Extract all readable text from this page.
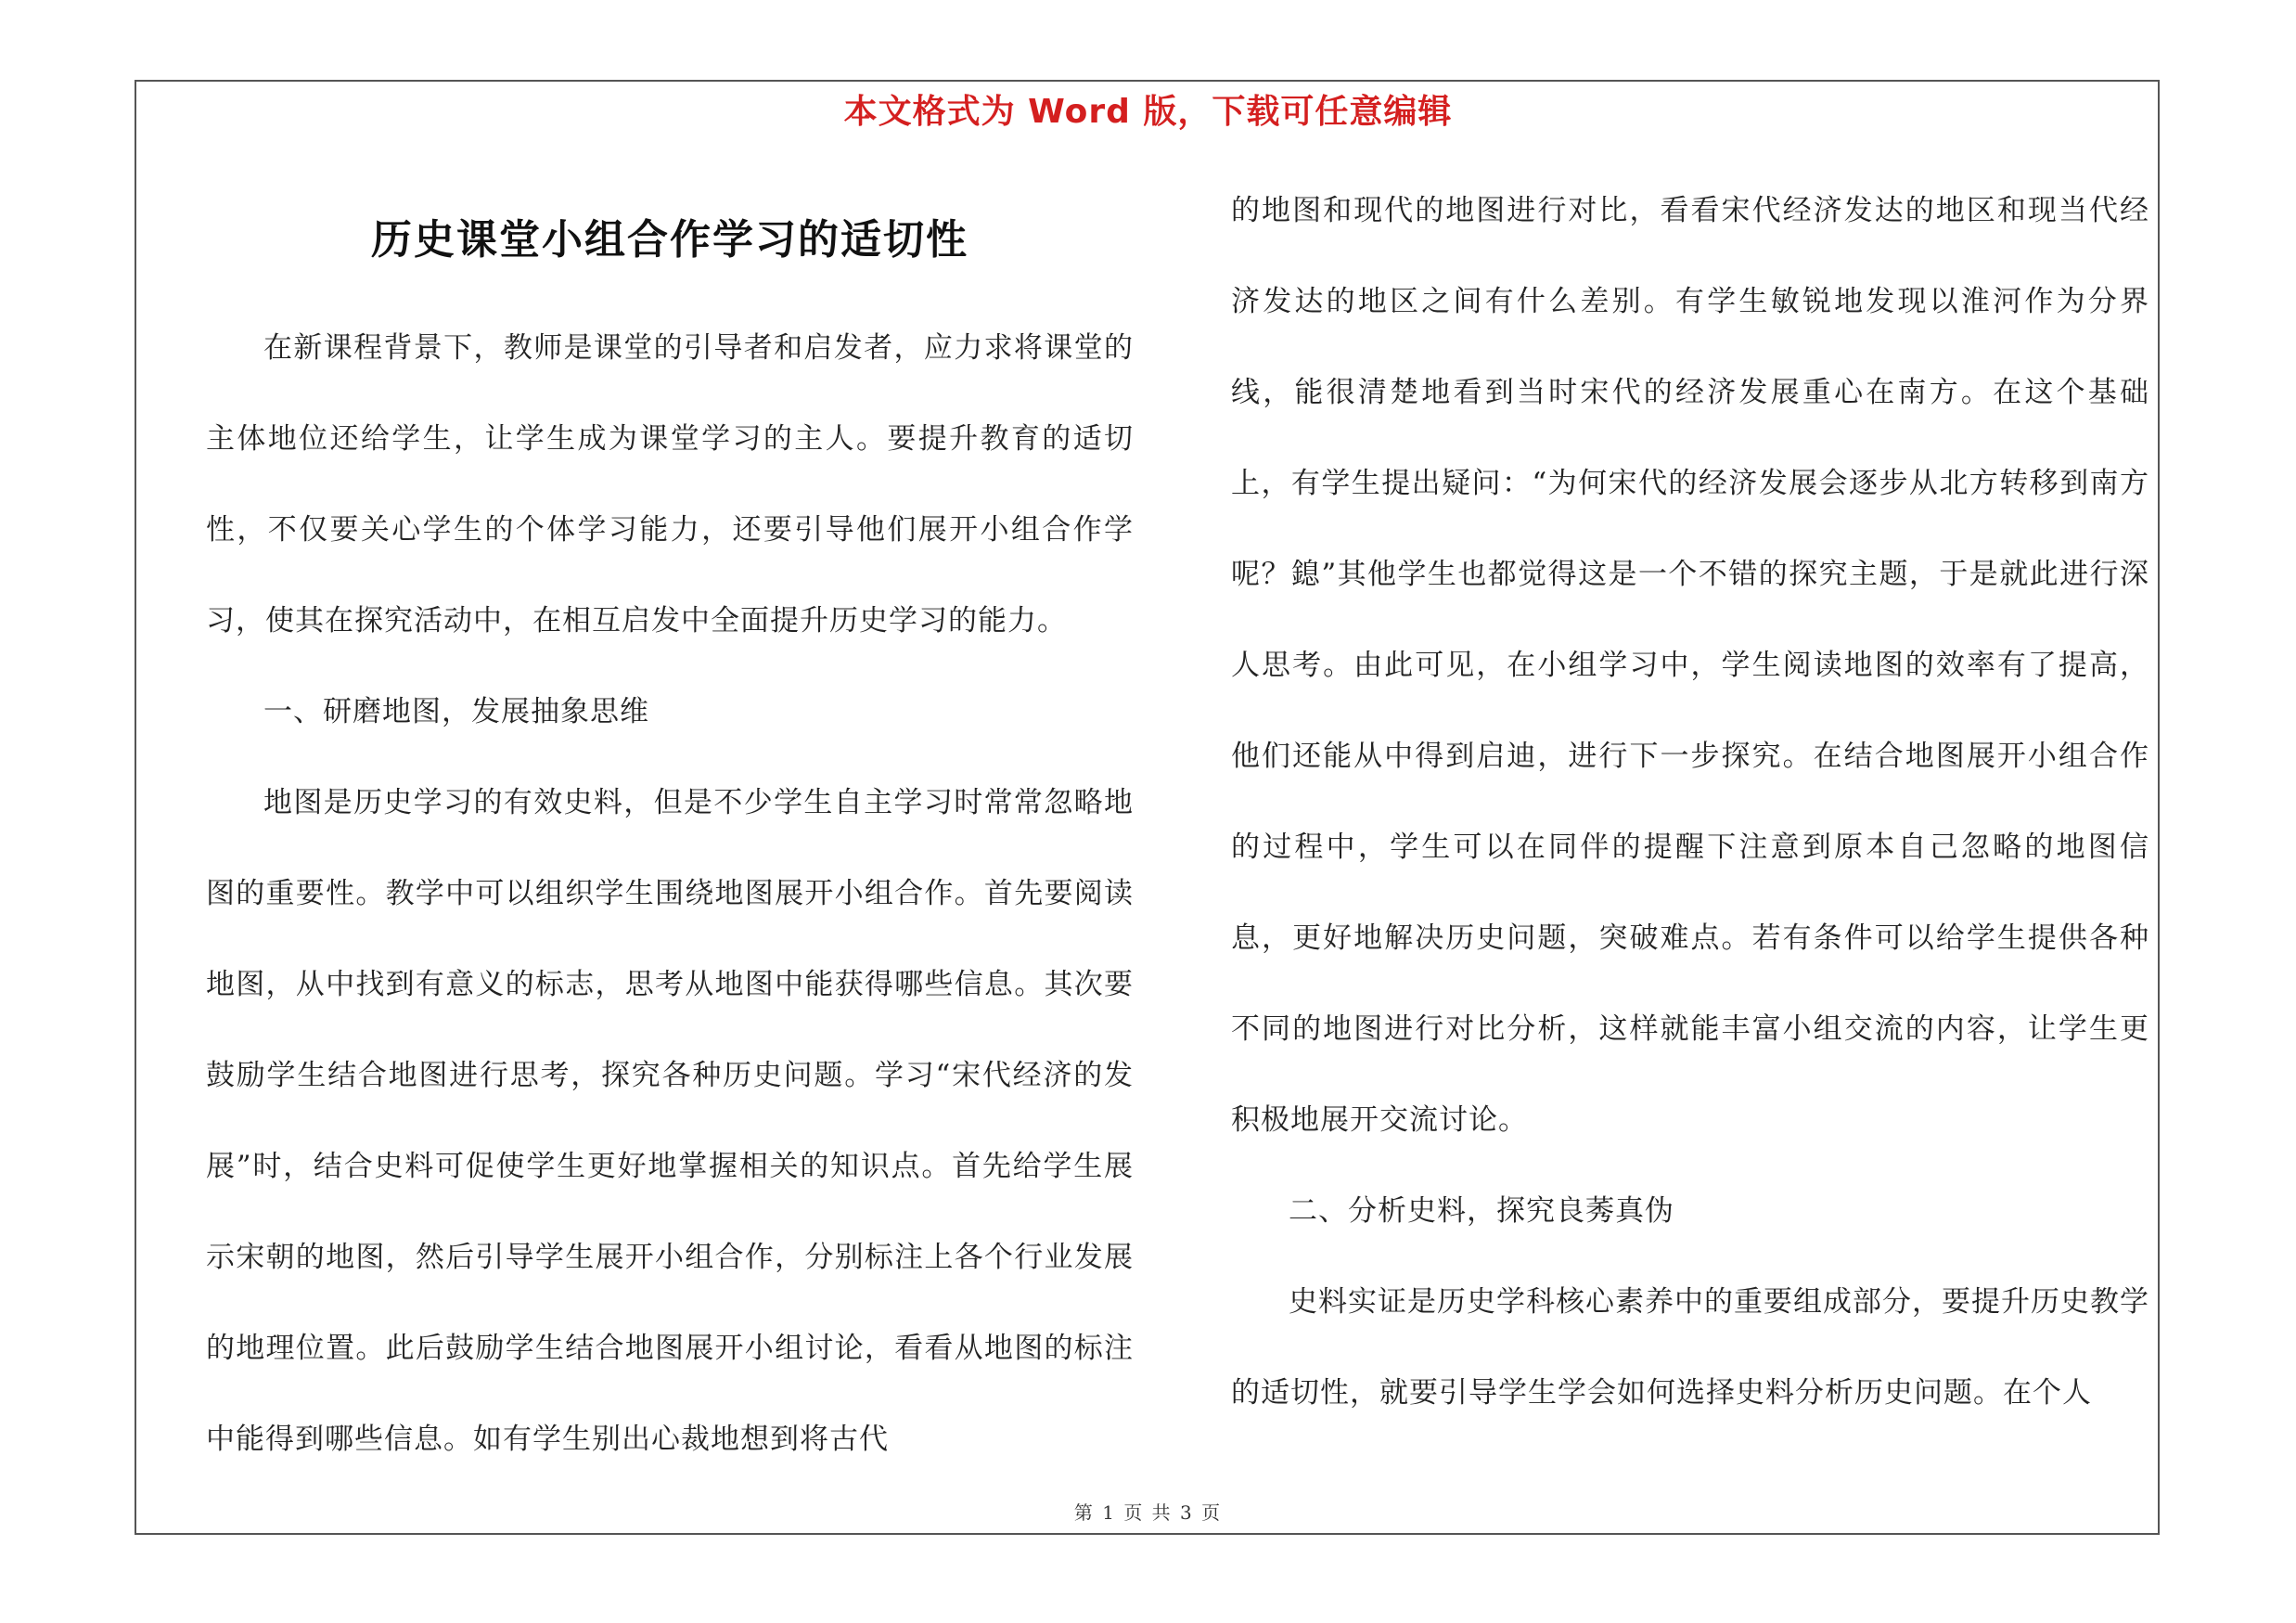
本文格式为 Word 版，下载可任意编辑
历史课堂小组合作学习的适切性

在新课程背景下，教师是课堂的引导者和启发者，应力求将课堂的主体地位还给学生，让学生成为课堂学习的主人。要提升教育的适切性，不仅要关心学生的个体学习能力，还要引导他们展开小组合作学习，使其在探究活动中，在相互启发中全面提升历史学习的能力。

一、研磨地图，发展抽象思维

地图是历史学习的有效史料，但是不少学生自主学习时常常忽略地图的重要性。教学中可以组织学生围绕地图展开小组合作。首先要阅读地图，从中找到有意义的标志，思考从地图中能获得哪些信息。其次要鼓励学生结合地图进行思考，探究各种历史问题。学习“宋代经济的发展”时，结合史料可促使学生更好地掌握相关的知识点。首先给学生展示宋朝的地图，然后引导学生展开小组合作，分别标注上各个行业发展的地理位置。此后鼓励学生结合地图展开小组讨论，看看从地图的标注中能得到哪些信息。如有学生别出心裁地想到将古代

的地图和现代的地图进行对比，看看宋代经济发达的地区和现当代经济发达的地区之间有什么差别。有学生敏锐地发现以淮河作为分界线，能很清楚地看到当时宋代的经济发展重心在南方。在这个基础上，有学生提出疑问：“为何宋代的经济发展会逐步从北方转移到南方呢？鎴”其他学生也都觉得这是一个不错的探究主题，于是就此进行深人思考。由此可见，在小组学习中，学生阅读地图的效率有了提高，他们还能从中得到启迪，进行下一步探究。在结合地图展开小组合作的过程中，学生可以在同伴的提醒下注意到原本自己忽略的地图信息，更好地解决历史问题，突破难点。若有条件可以给学生提供各种不同的地图进行对比分析，这样就能丰富小组交流的内容，让学生更积极地展开交流讨论。

二、分析史料，探究良莠真伪

史料实证是历史学科核心素养中的重要组成部分，要提升历史教学的适切性，就要引导学生学会如何选择史料分析历史问题。在个人

第 1 页 共 3 页
